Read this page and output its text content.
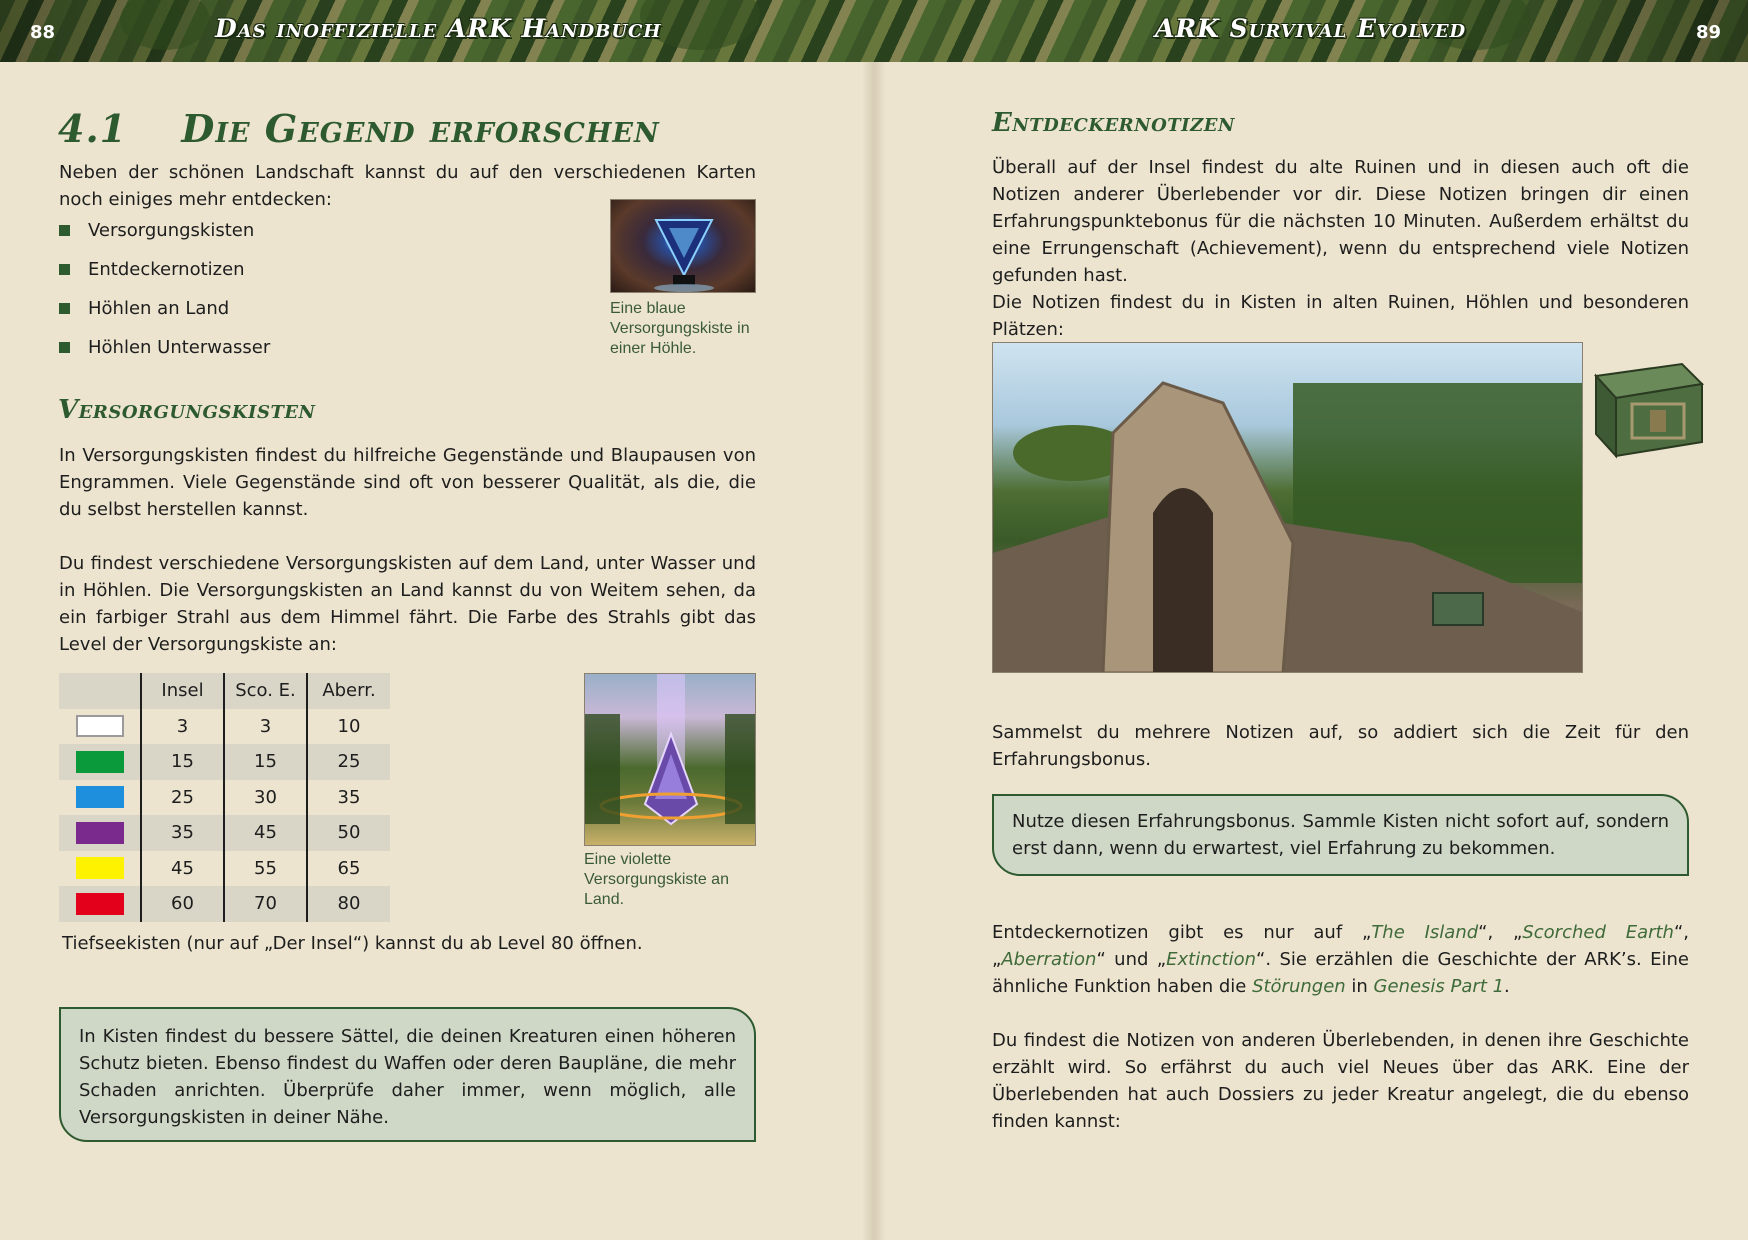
88	Das inoffizielle ARK Handbuch	ARK Survival Evolved	89
4.1 Die Gegend erforschen
Neben der schönen Landschaft kannst du auf den verschiedenen Karten noch einiges mehr entdecken:
Versorgungskisten
Entdeckernotizen
Höhlen an Land
Höhlen Unterwasser
Eine blaue Versorgungskiste in einer Höhle.
Versorgungskisten
In Versorgungskisten findest du hilfreiche Gegenstände und Blaupausen von Engrammen. Viele Gegenstände sind oft von besserer Qualität, als die, die du selbst herstellen kannst.
Du findest verschiedene Versorgungskisten auf dem Land, unter Wasser und in Höhlen. Die Versorgungskisten an Land kannst du von Weitem sehen, da ein farbiger Strahl aus dem Himmel fährt. Die Farbe des Strahls gibt das Level der Versorgungskiste an:
	Insel	Sco. E.	Aberr.
	3	3	10
	15	15	25
	25	30	35
	35	45	50
	45	55	65
	60	70	80
Eine violette Versorgungskiste an Land.
Tiefseekisten (nur auf „Der Insel“) kannst du ab Level 80 öffnen.
In Kisten findest du bessere Sättel, die deinen Kreaturen einen höheren Schutz bieten. Ebenso findest du Waffen oder deren Baupläne, die mehr Schaden anrichten. Überprüfe daher immer, wenn möglich, alle Versorgungskisten in deiner Nähe.
Entdeckernotizen
Überall auf der Insel findest du alte Ruinen und in diesen auch oft die Notizen anderer Überlebender vor dir. Diese Notizen bringen dir einen Erfahrungspunktebonus für die nächsten 10 Minuten. Außerdem erhältst du eine Errungenschaft (Achievement), wenn du entsprechend viele Notizen gefunden hast.
Die Notizen findest du in Kisten in alten Ruinen, Höhlen und besonderen Plätzen:
Sammelst du mehrere Notizen auf, so addiert sich die Zeit für den Erfahrungsbonus.
Nutze diesen Erfahrungsbonus. Sammle Kisten nicht sofort auf, sondern erst dann, wenn du erwartest, viel Erfahrung zu bekommen.
Entdeckernotizen gibt es nur auf „The Island“, „Scorched Earth“, „Aberration“ und „Extinction“. Sie erzählen die Geschichte der ARK’s. Eine ähnliche Funktion haben die Störungen in Genesis Part 1.
Du findest die Notizen von anderen Überlebenden, in denen ihre Geschichte erzählt wird. So erfährst du auch viel Neues über das ARK. Eine der Überlebenden hat auch Dossiers zu jeder Kreatur angelegt, die du ebenso finden kannst:
